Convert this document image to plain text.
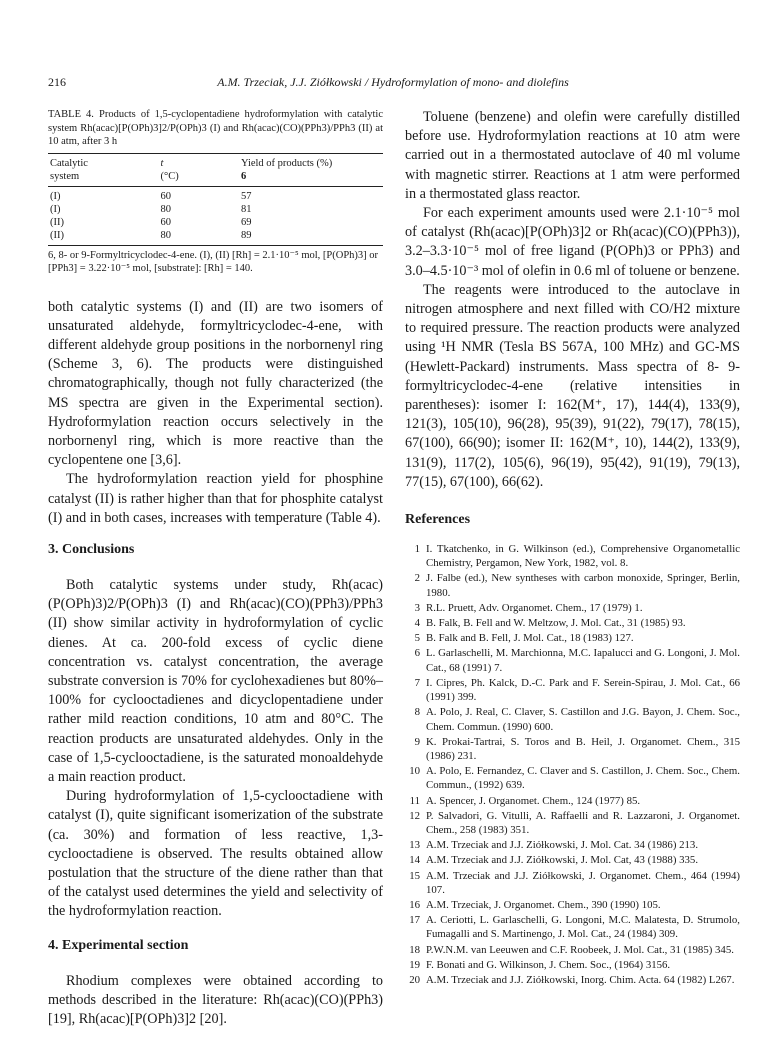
216	A.M. Trzeciak, J.J. Ziółkowski / Hydroformylation of mono- and diolefins
TABLE 4. Products of 1,5-cyclopentadiene hydroformylation with catalytic system Rh(acac)[P(OPh)3]2/P(OPh)3 (I) and Rh(acac)(CO)(PPh3)/PPh3 (II) at 10 atm, after 3 h
Catalytic	t	Yield of products (%)
system	(°C)	6
(I)	60	57
(I)	80	81
(II)	60	69
(II)	80	89
6, 8- or 9-Formyltricyclodec-4-ene. (I), (II) [Rh] = 2.1·10⁻⁵ mol, [P(OPh)3] or [PPh3] = 3.22·10⁻⁵ mol, [substrate]: [Rh] = 140.

both catalytic systems (I) and (II) are two isomers of unsaturated aldehyde, formyltricyclodec-4-ene, with different aldehyde group positions in the norbornenyl ring (Scheme 3, 6). The products were distinguished chromatographically, though not fully characterized (the MS spectra are given in the Experimental section). Hydroformylation reaction occurs selectively in the norbornenyl ring, which is more reactive than the cyclopentene one [3,6].

The hydroformylation reaction yield for phosphine catalyst (II) is rather higher than that for phosphite catalyst (I) and in both cases, increases with temperature (Table 4).

3. Conclusions

Both catalytic systems under study, Rh(acac)(P(OPh)3)2/P(OPh)3 (I) and Rh(acac)(CO)(PPh3)/PPh3 (II) show similar activity in hydroformylation of cyclic dienes. At ca. 200-fold excess of cyclic diene concentration vs. catalyst concentration, the average substrate conversion is 70% for cyclohexadienes but 80%–100% for cyclooctadienes and dicyclopentadiene under rather mild reaction conditions, 10 atm and 80°C. The reaction products are unsaturated aldehydes. Only in the case of 1,5-cyclooctadiene, is the saturated monoaldehyde a main reaction product.

During hydroformylation of 1,5-cyclooctadiene with catalyst (I), quite significant isomerization of the substrate (ca. 30%) and formation of less reactive, 1,3-cyclooctadiene is observed. The results obtained allow postulation that the structure of the diene rather than that of the catalyst used determines the yield and selectivity of the hydroformylation reaction.

4. Experimental section

Rhodium complexes were obtained according to methods described in the literature: Rh(acac)(CO)(PPh3) [19], Rh(acac)[P(OPh)3]2 [20].

Toluene (benzene) and olefin were carefully distilled before use. Hydroformylation reactions at 10 atm were carried out in a thermostated autoclave of 40 ml volume with magnetic stirrer. Reactions at 1 atm were performed in a thermostated glass reactor.

For each experiment amounts used were 2.1·10⁻⁵ mol of catalyst (Rh(acac)[P(OPh)3]2 or Rh(acac)(CO)(PPh3)), 3.2–3.3·10⁻⁵ mol of free ligand (P(OPh)3 or PPh3) and 3.0–4.5·10⁻³ mol of olefin in 0.6 ml of toluene or benzene.

The reagents were introduced to the autoclave in nitrogen atmosphere and next filled with CO/H2 mixture to required pressure. The reaction products were analyzed using ¹H NMR (Tesla BS 567A, 100 MHz) and GC-MS (Hewlett-Packard) instruments. Mass spectra of 8- 9-formyltricyclodec-4-ene (relative intensities in parentheses): isomer I: 162(M⁺, 17), 144(4), 133(9), 121(3), 105(10), 96(28), 95(39), 91(22), 79(17), 78(15), 67(100), 66(90); isomer II: 162(M⁺, 10), 144(2), 133(9), 131(9), 117(2), 105(6), 96(19), 95(42), 91(19), 79(13), 77(15), 67(100), 66(62).

References
1 I. Tkatchenko, in G. Wilkinson (ed.), Comprehensive Organometallic Chemistry, Pergamon, New York, 1982, vol. 8.
2 J. Falbe (ed.), New syntheses with carbon monoxide, Springer, Berlin, 1980.
3 R.L. Pruett, Adv. Organomet. Chem., 17 (1979) 1.
4 B. Falk, B. Fell and W. Meltzow, J. Mol. Cat., 31 (1985) 93.
5 B. Falk and B. Fell, J. Mol. Cat., 18 (1983) 127.
6 L. Garlaschelli, M. Marchionna, M.C. Iapalucci and G. Longoni, J. Mol. Cat., 68 (1991) 7.
7 I. Cipres, Ph. Kalck, D.-C. Park and F. Serein-Spirau, J. Mol. Cat., 66 (1991) 399.
8 A. Polo, J. Real, C. Claver, S. Castillon and J.G. Bayon, J. Chem. Soc., Chem. Commun. (1990) 600.
9 K. Prokai-Tartrai, S. Toros and B. Heil, J. Organomet. Chem., 315 (1986) 231.
10 A. Polo, E. Fernandez, C. Claver and S. Castillon, J. Chem. Soc., Chem. Commun., (1992) 639.
11 A. Spencer, J. Organomet. Chem., 124 (1977) 85.
12 P. Salvadori, G. Vitulli, A. Raffaelli and R. Lazzaroni, J. Organomet. Chem., 258 (1983) 351.
13 A.M. Trzeciak and J.J. Ziółkowski, J. Mol. Cat. 34 (1986) 213.
14 A.M. Trzeciak and J.J. Ziółkowski, J. Mol. Cat, 43 (1988) 335.
15 A.M. Trzeciak and J.J. Ziółkowski, J. Organomet. Chem., 464 (1994) 107.
16 A.M. Trzeciak, J. Organomet. Chem., 390 (1990) 105.
17 A. Ceriotti, L. Garlaschelli, G. Longoni, M.C. Malatesta, D. Strumolo, Fumagalli and S. Martinengo, J. Mol. Cat., 24 (1984) 309.
18 P.W.N.M. van Leeuwen and C.F. Roobeek, J. Mol. Cat., 31 (1985) 345.
19 F. Bonati and G. Wilkinson, J. Chem. Soc., (1964) 3156.
20 A.M. Trzeciak and J.J. Ziółkowski, Inorg. Chim. Acta. 64 (1982) L267.
